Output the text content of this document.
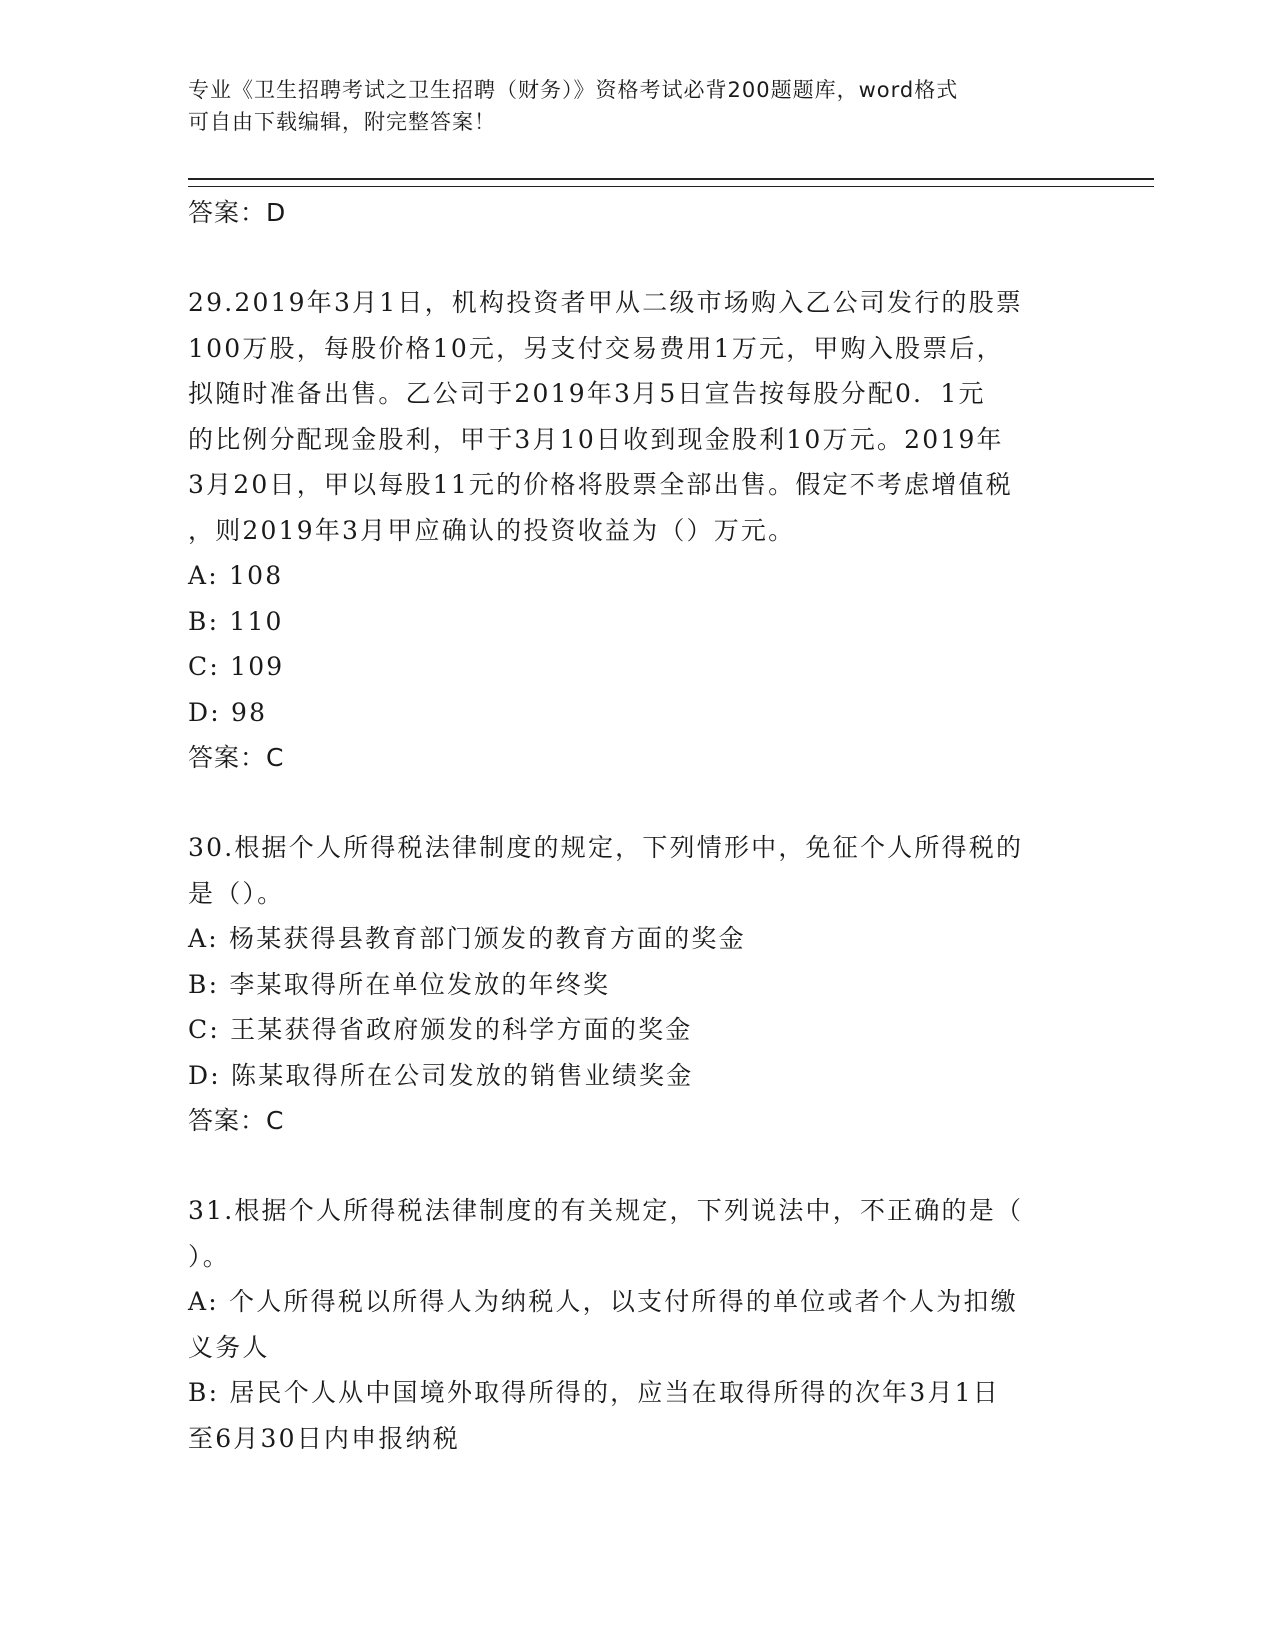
专业《卫生招聘考试之卫生招聘（财务）》资格考试必背200题题库，word格式
可自由下载编辑，附完整答案！
答案：D
29.2019年3月1日，机构投资者甲从二级市场购入乙公司发行的股票
100万股，每股价格10元，另支付交易费用1万元，甲购入股票后，
拟随时准备出售。乙公司于2019年3月5日宣告按每股分配0．1元
的比例分配现金股利，甲于3月10日收到现金股利10万元。2019年
3月20日，甲以每股11元的价格将股票全部出售。假定不考虑增值税
，则2019年3月甲应确认的投资收益为（）万元。
A: 108
B: 110
C: 109
D: 98
答案：C
30.根据个人所得税法律制度的规定，下列情形中，免征个人所得税的
是（）。
A: 杨某获得县教育部门颁发的教育方面的奖金
B: 李某取得所在单位发放的年终奖
C: 王某获得省政府颁发的科学方面的奖金
D: 陈某取得所在公司发放的销售业绩奖金
答案：C
31.根据个人所得税法律制度的有关规定，下列说法中，不正确的是（
）。
A: 个人所得税以所得人为纳税人，以支付所得的单位或者个人为扣缴
义务人
B: 居民个人从中国境外取得所得的，应当在取得所得的次年3月1日
至6月30日内申报纳税
